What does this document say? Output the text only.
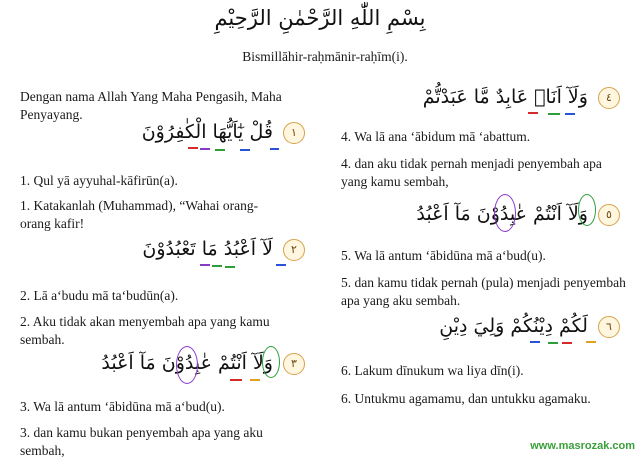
بِسْمِ اللّٰهِ الرَّحْمٰنِ الرَّحِيْمِ
Bismillāhir-raḥmānir-raḥīm(i).
Dengan nama Allah Yang Maha Pengasih, Maha Penyayang.
١ قُلْ يٰٓاَيُّهَا الْكٰفِرُوْنَ
1. Qul yā ayyuhal-kāfirūn(a).
1. Katakanlah (Muhammad), “Wahai orang-orang kafir!
٢ لَآ اَعْبُدُ مَا تَعْبُدُوْنَ
2. Lā a‘budu mā ta‘budūn(a).
2. Aku tidak akan menyembah apa yang kamu sembah.
٣ وَلَآ اَنْتُمْ عٰبِدُوْنَ مَآ اَعْبُدُ
3. Wa lā antum ‘ābidūna mā a‘bud(u).
3. dan kamu bukan penyembah apa yang aku sembah,
٤ وَلَآ اَنَا۠ عَابِدٌ مَّا عَبَدْتُّمْ
4. Wa lā ana ‘ābidum mā ‘abattum.
4. dan aku tidak pernah menjadi penyembah apa yang kamu sembah,
٥ وَلَآ اَنْتُمْ عٰبِدُوْنَ مَآ اَعْبُدُ
5. Wa lā antum ‘ābidūna mā a‘bud(u).
5. dan kamu tidak pernah (pula) menjadi penyembah apa yang aku sembah.
٦ لَكُمْ دِيْنُكُمْ وَلِيَ دِيْنِ
6. Lakum dīnukum wa liya dīn(i).
6. Untukmu agamamu, dan untukku agamaku.
www.masrozak.com
